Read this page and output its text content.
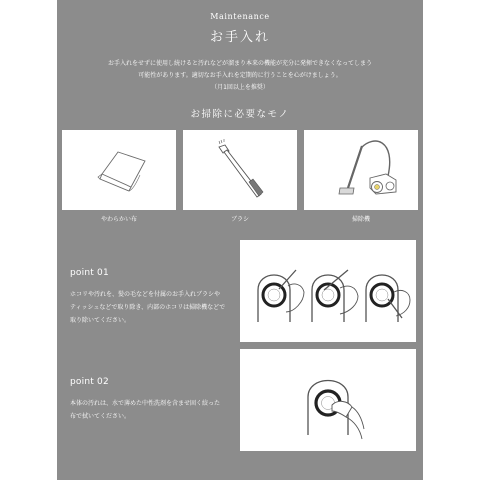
Maintenance
お手入れ

お手入れをせずに使用し続けると汚れなどが溜まり本来の機能が充分に発揮できなくなってしまう
可能性があります。適切なお手入れを定期的に行うことを心がけましょう。
（月1回以上を推奨）

お掃除に必要なモノ
やわらかい布	ブラシ	掃除機
point 01

ホコリや汚れを、髪の毛などを付属のお手入れブラシや
ティッシュなどで取り除き、内部のホコリは掃除機などで
取り除いてください。

point 02

本体の汚れは、水で薄めた中性洗剤を含ませ固く絞った
布で拭いてください。
